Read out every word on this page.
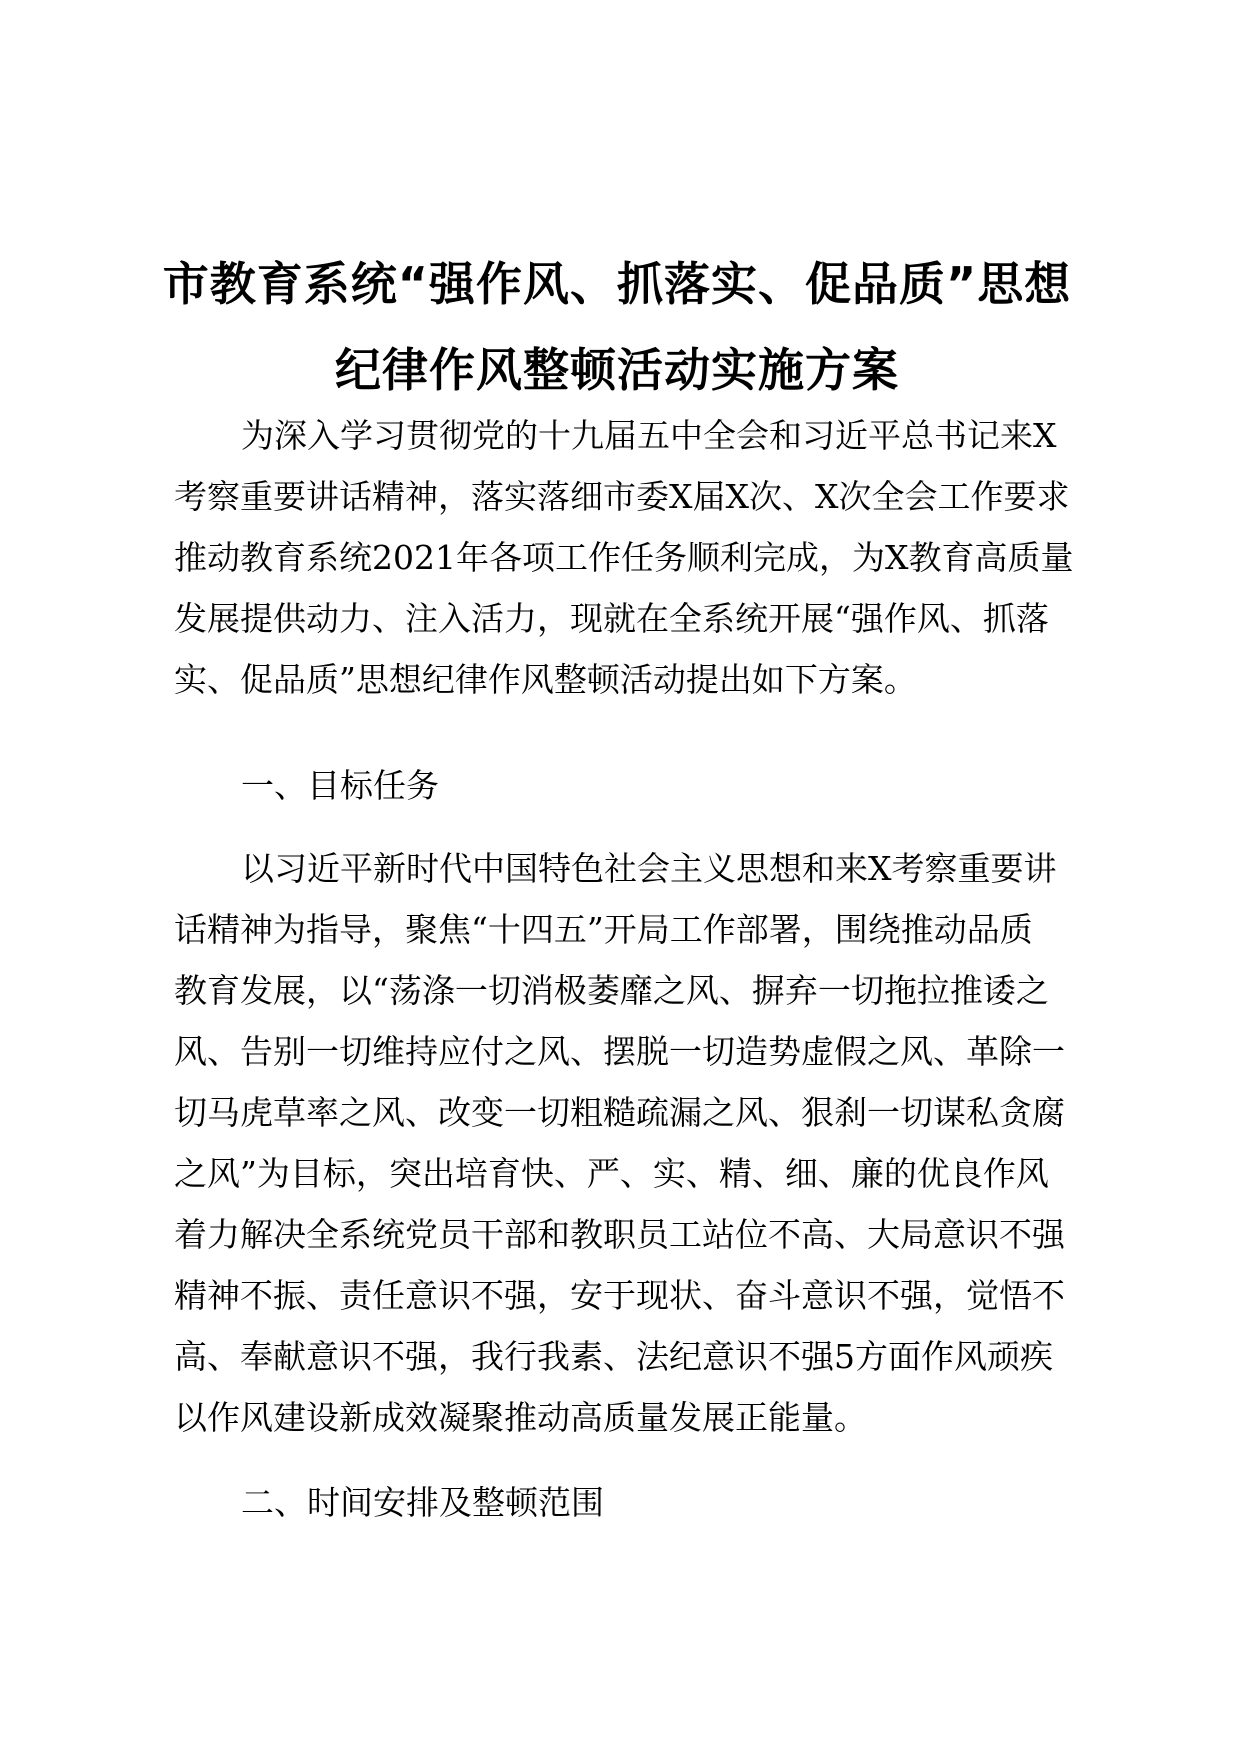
市教育系统“强作风、抓落实、促品质”思想
纪律作风整顿活动实施方案
为深入学习贯彻党的十九届五中全会和习近平总书记来X
考察重要讲话精神，落实落细市委X届X次、X次全会工作要求
推动教育系统2021年各项工作任务顺利完成，为X教育高质量
发展提供动力、注入活力，现就在全系统开展“强作风、抓落
实、促品质”思想纪律作风整顿活动提出如下方案。
一、目标任务
以习近平新时代中国特色社会主义思想和来X考察重要讲
话精神为指导，聚焦“十四五”开局工作部署，围绕推动品质
教育发展，以“荡涤一切消极萎靡之风、摒弃一切拖拉推诿之
风、告别一切维持应付之风、摆脱一切造势虚假之风、革除一
切马虎草率之风、改变一切粗糙疏漏之风、狠刹一切谋私贪腐
之风”为目标，突出培育快、严、实、精、细、廉的优良作风
着力解决全系统党员干部和教职员工站位不高、大局意识不强
精神不振、责任意识不强，安于现状、奋斗意识不强，觉悟不
高、奉献意识不强，我行我素、法纪意识不强5方面作风顽疾
以作风建设新成效凝聚推动高质量发展正能量。
二、时间安排及整顿范围
